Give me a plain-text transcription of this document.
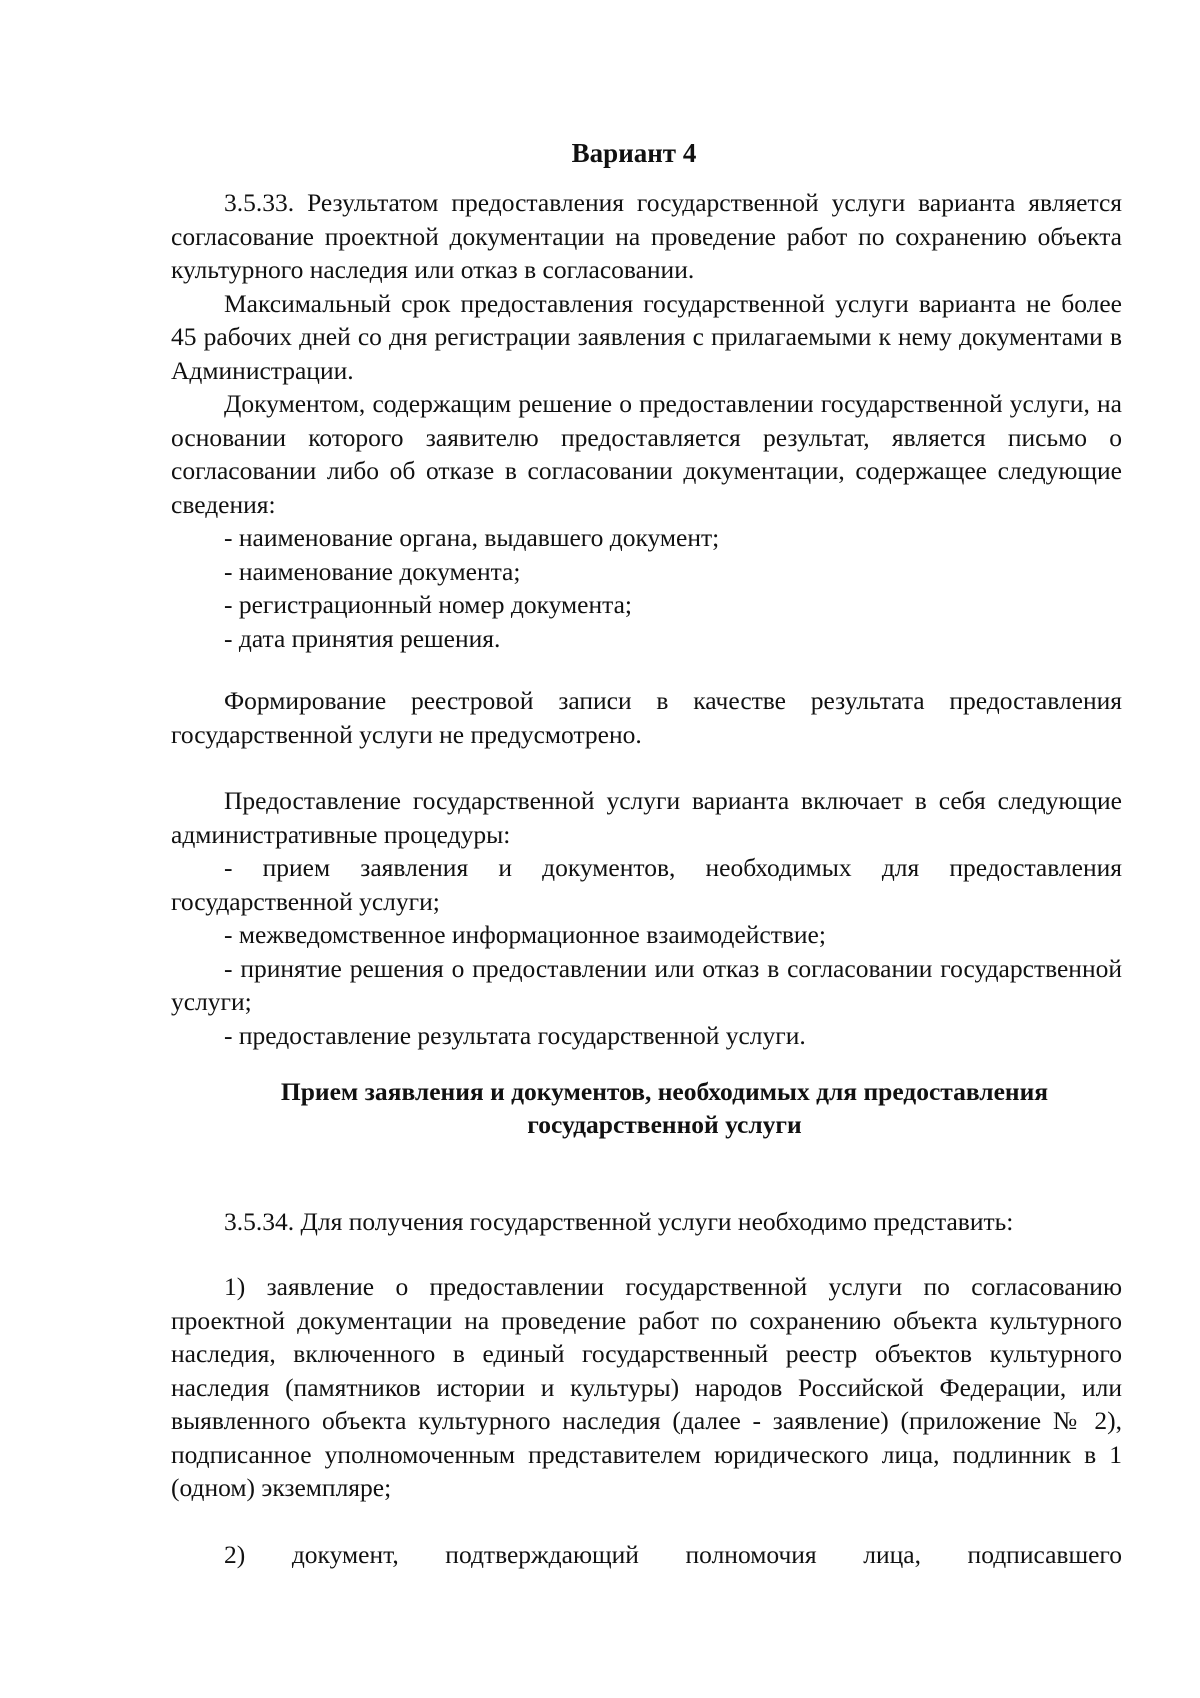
Вариант 4

3.5.33. Результатом предоставления государственной услуги варианта является согласование проектной документации на проведение работ по сохранению объекта культурного наследия или отказ в согласовании.

Максимальный срок предоставления государственной услуги варианта не более 45 рабочих дней со дня регистрации заявления с прилагаемыми к нему документами в Администрации.

Документом, содержащим решение о предоставлении государственной услуги, на основании которого заявителю предоставляется результат, является письмо о согласовании либо об отказе в согласовании документации, содержащее следующие сведения:

- наименование органа, выдавшего документ;

- наименование документа;

- регистрационный номер документа;

- дата принятия решения.

Формирование реестровой записи в качестве результата предоставления государственной услуги не предусмотрено.

Предоставление государственной услуги варианта включает в себя следующие административные процедуры:

- прием заявления и документов, необходимых для предоставления государственной услуги;

- межведомственное информационное взаимодействие;

- принятие решения о предоставлении или отказ в согласовании государственной услуги;

- предоставление результата государственной услуги.

Прием заявления и документов, необходимых для предоставления
государственной услуги

3.5.34. Для получения государственной услуги необходимо представить:

1) заявление о предоставлении государственной услуги по согласованию проектной документации на проведение работ по сохранению объекта культурного наследия, включенного в единый государственный реестр объектов культурного наследия (памятников истории и культуры) народов Российской Федерации, или выявленного объекта культурного наследия (далее - заявление) (приложение № 2), подписанное уполномоченным представителем юридического лица, подлинник в 1 (одном) экземпляре;

2) документ, подтверждающий полномочия лица, подписавшего
